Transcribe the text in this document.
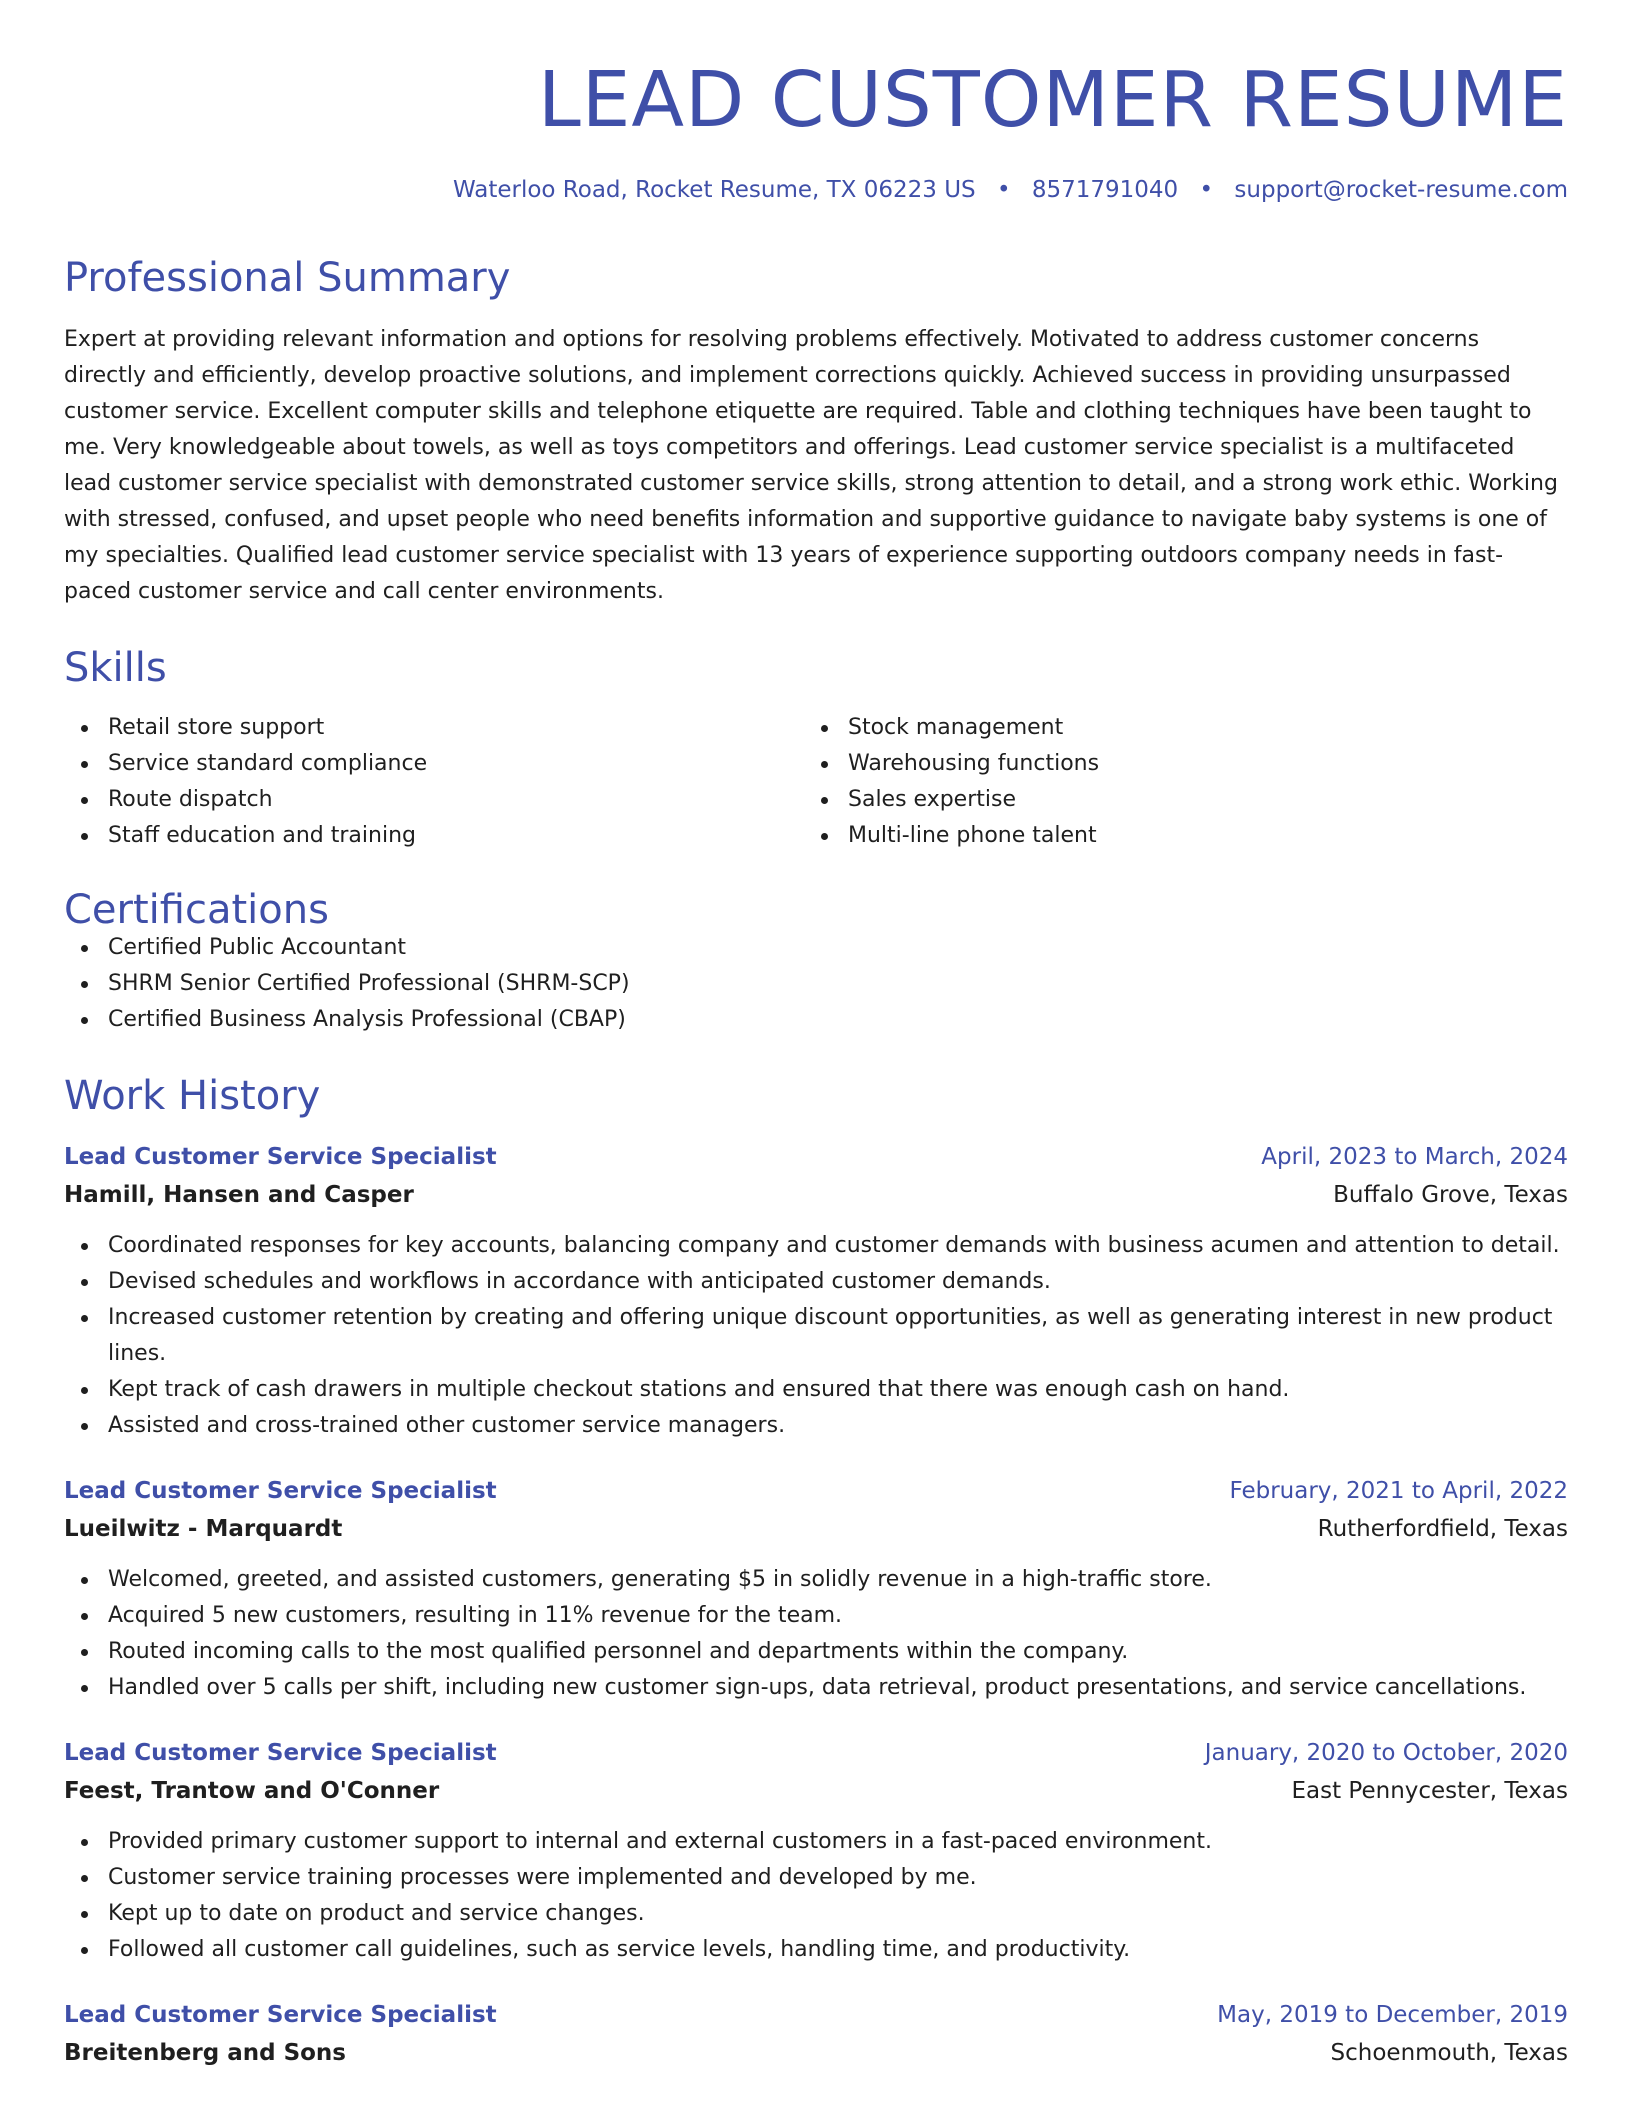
LEAD CUSTOMER RESUME
Waterloo Road, Rocket Resume, TX 06223 US • 8571791040 • support@rocket-resume.com
Professional Summary

Expert at providing relevant information and options for resolving problems effectively. Motivated to address customer concerns directly and efficiently, develop proactive solutions, and implement corrections quickly. Achieved success in providing unsurpassed customer service. Excellent computer skills and telephone etiquette are required. Table and clothing techniques have been taught to me. Very knowledgeable about towels, as well as toys competitors and offerings. Lead customer service specialist is a multifaceted lead customer service specialist with demonstrated customer service skills, strong attention to detail, and a strong work ethic. Working with stressed, confused, and upset people who need benefits information and supportive guidance to navigate baby systems is one of my specialties. Qualified lead customer service specialist with 13 years of experience supporting outdoors company needs in fast-paced customer service and call center environments.

Skills
Retail store support
Service standard compliance
Route dispatch
Staff education and training
Stock management
Warehousing functions
Sales expertise
Multi-line phone talent
Certifications
Certified Public Accountant
SHRM Senior Certified Professional (SHRM-SCP)
Certified Business Analysis Professional (CBAP)
Work History
Lead Customer Service Specialist	April, 2023 to March, 2024
Hamill, Hansen and Casper	Buffalo Grove, Texas
Coordinated responses for key accounts, balancing company and customer demands with business acumen and attention to detail.
Devised schedules and workflows in accordance with anticipated customer demands.
Increased customer retention by creating and offering unique discount opportunities, as well as generating interest in new product lines.
Kept track of cash drawers in multiple checkout stations and ensured that there was enough cash on hand.
Assisted and cross-trained other customer service managers.
Lead Customer Service Specialist	February, 2021 to April, 2022
Lueilwitz - Marquardt	Rutherfordfield, Texas
Welcomed, greeted, and assisted customers, generating $5 in solidly revenue in a high-traffic store.
Acquired 5 new customers, resulting in 11% revenue for the team.
Routed incoming calls to the most qualified personnel and departments within the company.
Handled over 5 calls per shift, including new customer sign-ups, data retrieval, product presentations, and service cancellations.
Lead Customer Service Specialist	January, 2020 to October, 2020
Feest, Trantow and O'Conner	East Pennycester, Texas
Provided primary customer support to internal and external customers in a fast-paced environment.
Customer service training processes were implemented and developed by me.
Kept up to date on product and service changes.
Followed all customer call guidelines, such as service levels, handling time, and productivity.
Lead Customer Service Specialist	May, 2019 to December, 2019
Breitenberg and Sons	Schoenmouth, Texas
